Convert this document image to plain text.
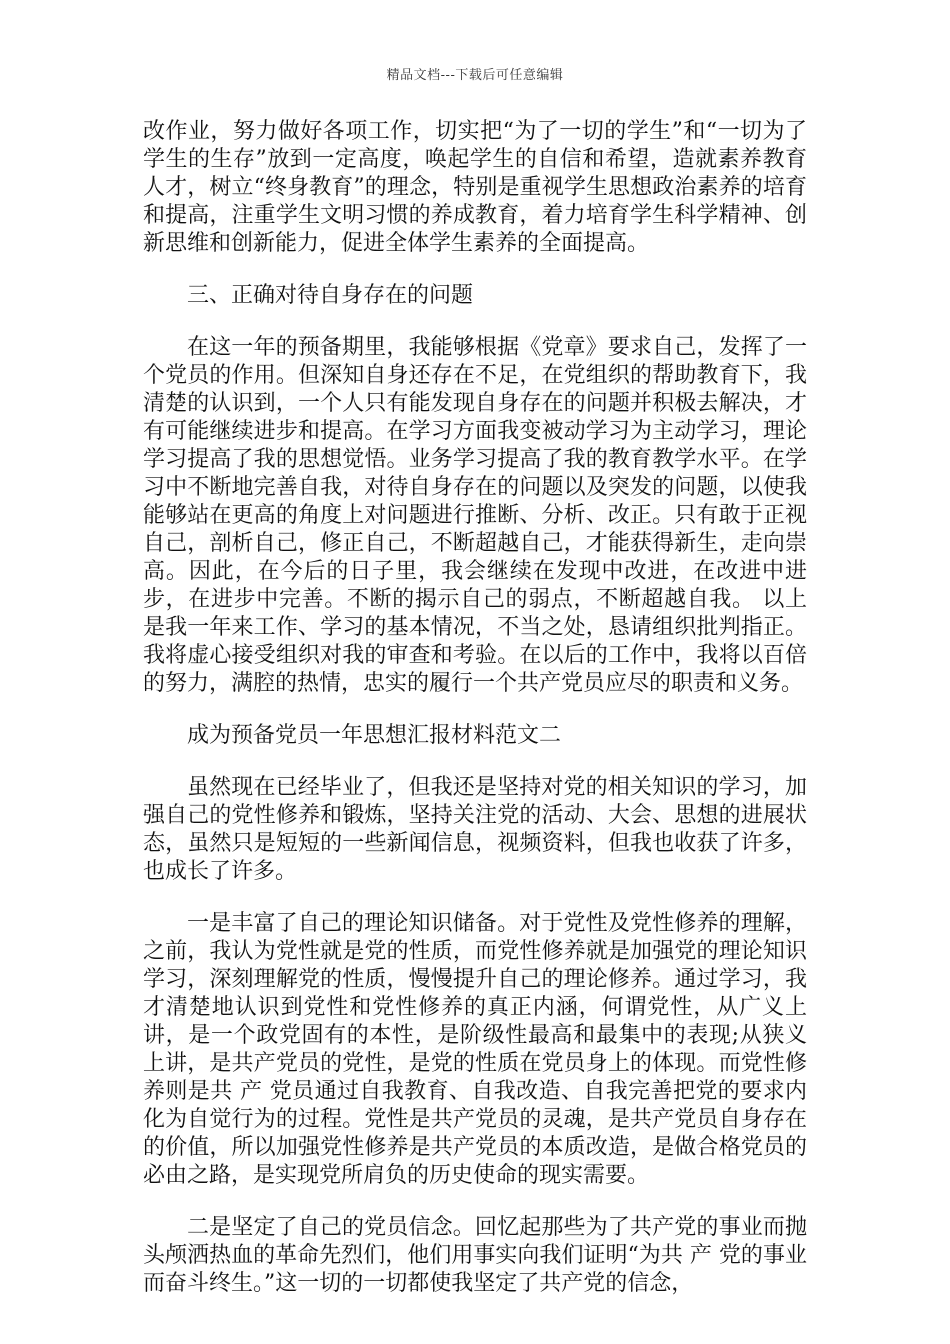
精品文档---下载后可任意编辑

改作业，努力做好各项工作，切实把“为了一切的学生”和“一切为了学生的生存”放到一定高度，唤起学生的自信和希望，造就素养教育人才，树立“终身教育”的理念，特别是重视学生思想政治素养的培育和提高，注重学生文明习惯的养成教育，着力培育学生科学精神、创新思维和创新能力，促进全体学生素养的全面提高。

三、正确对待自身存在的问题

在这一年的预备期里，我能够根据《党章》要求自己，发挥了一个党员的作用。但深知自身还存在不足，在党组织的帮助教育下，我清楚的认识到，一个人只有能发现自身存在的问题并积极去解决，才有可能继续进步和提高。在学习方面我变被动学习为主动学习，理论学习提高了我的思想觉悟。业务学习提高了我的教育教学水平。在学习中不断地完善自我，对待自身存在的问题以及突发的问题，以使我能够站在更高的角度上对问题进行推断、分析、改正。只有敢于正视自己，剖析自己，修正自己，不断超越自己，才能获得新生，走向崇高。因此，在今后的日子里，我会继续在发现中改进，在改进中进步，在进步中完善。不断的揭示自己的弱点，不断超越自我。 以上是我一年来工作、学习的基本情况，不当之处，恳请组织批判指正。我将虚心接受组织对我的审查和考验。在以后的工作中，我将以百倍的努力，满腔的热情，忠实的履行一个共产党员应尽的职责和义务。

成为预备党员一年思想汇报材料范文二

虽然现在已经毕业了，但我还是坚持对党的相关知识的学习，加强自己的党性修养和锻炼，坚持关注党的活动、大会、思想的进展状态，虽然只是短短的一些新闻信息，视频资料，但我也收获了许多，也成长了许多。

一是丰富了自己的理论知识储备。对于党性及党性修养的理解，之前，我认为党性就是党的性质，而党性修养就是加强党的理论知识学习，深刻理解党的性质，慢慢提升自己的理论修养。通过学习，我才清楚地认识到党性和党性修养的真正内涵，何谓党性，从广义上讲，是一个政党固有的本性，是阶级性最高和最集中的表现;从狭义上讲，是共产党员的党性，是党的性质在党员身上的体现。而党性修养则是共 产 党员通过自我教育、自我改造、自我完善把党的要求内化为自觉行为的过程。党性是共产党员的灵魂，是共产党员自身存在的价值，所以加强党性修养是共产党员的本质改造，是做合格党员的必由之路，是实现党所肩负的历史使命的现实需要。

二是坚定了自己的党员信念。回忆起那些为了共产党的事业而抛头颅洒热血的革命先烈们，他们用事实向我们证明“为共 产 党的事业而奋斗终生。”这一切的一切都使我坚定了共产党的信念，
